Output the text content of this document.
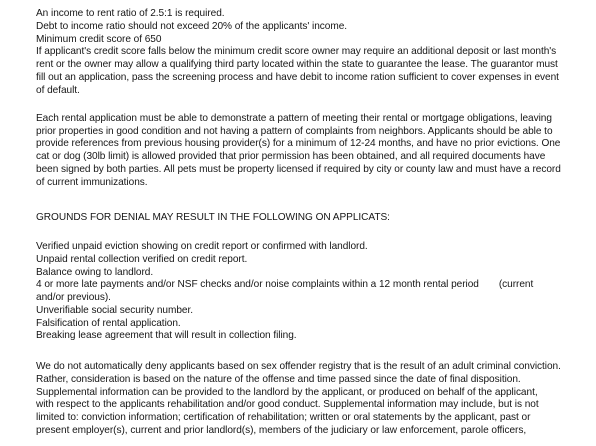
An income to rent ratio of 2.5:1 is required.
Debt to income ratio should not exceed 20% of the applicants' income.
Minimum credit score of 650
If applicant's credit score falls below the minimum credit score owner may require an additional deposit or last month's
rent or the owner may allow a qualifying third party located within the state to guarantee the lease. The guarantor must
fill out an application, pass the screening process and have debit to income ration sufficient to cover expenses in event
of default.
Each rental application must be able to demonstrate a pattern of meeting their rental or mortgage obligations, leaving
prior properties in good condition and not having a pattern of complaints from neighbors. Applicants should be able to
provide references from previous housing provider(s) for a minimum of 12-24 months, and have no prior evictions. One
cat or dog (30lb limit) is allowed provided that prior permission has been obtained, and all required documents have
been signed by both parties. All pets must be property licensed if required by city or county law and must have a record
of current immunizations.
GROUNDS FOR DENIAL MAY RESULT IN THE FOLLOWING ON APPLICATS:
Verified unpaid eviction showing on credit report or confirmed with landlord.
Unpaid rental collection verified on credit report.
Balance owing to landlord.
4 or more late payments and/or NSF checks and/or noise complaints within a 12 month rental period (current
and/or previous).
Unverifiable social security number.
Falsification of rental application.
Breaking lease agreement that will result in collection filing.
We do not automatically deny applicants based on sex offender registry that is the result of an adult criminal conviction.
Rather, consideration is based on the nature of the offense and time passed since the date of final disposition.
Supplemental information can be provided to the landlord by the applicant, or produced on behalf of the applicant,
with respect to the applicants rehabilitation and/or good conduct. Supplemental information may include, but is not
limited to: conviction information; certification of rehabilitation; written or oral statements by the applicant, past or
present employer(s), current and prior landlord(s), members of the judiciary or law enforcement, parole officers,
